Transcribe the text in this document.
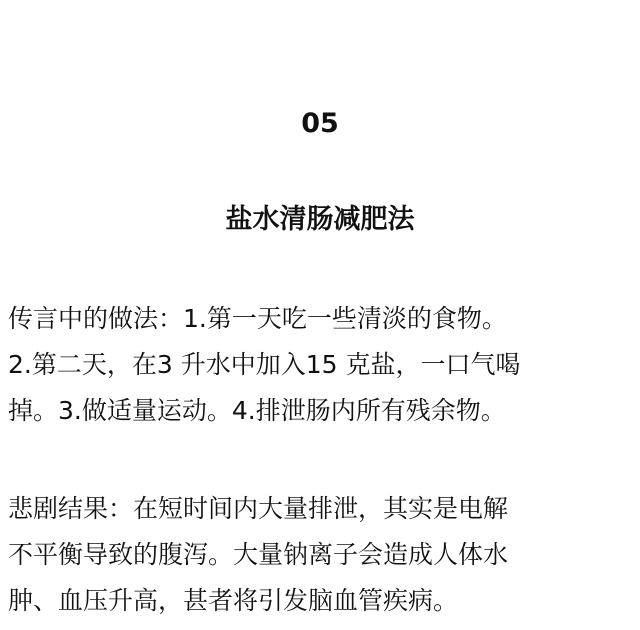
05
盐水清肠减肥法

传言中的做法：1.第一天吃一些清淡的食物。
2.第二天，在3 升水中加入15 克盐，一口气喝
掉。3.做适量运动。4.排泄肠内所有残余物。

悲剧结果：在短时间内大量排泄，其实是电解
不平衡导致的腹泻。大量钠离子会造成人体水
肿、血压升高，甚者将引发脑血管疾病。
